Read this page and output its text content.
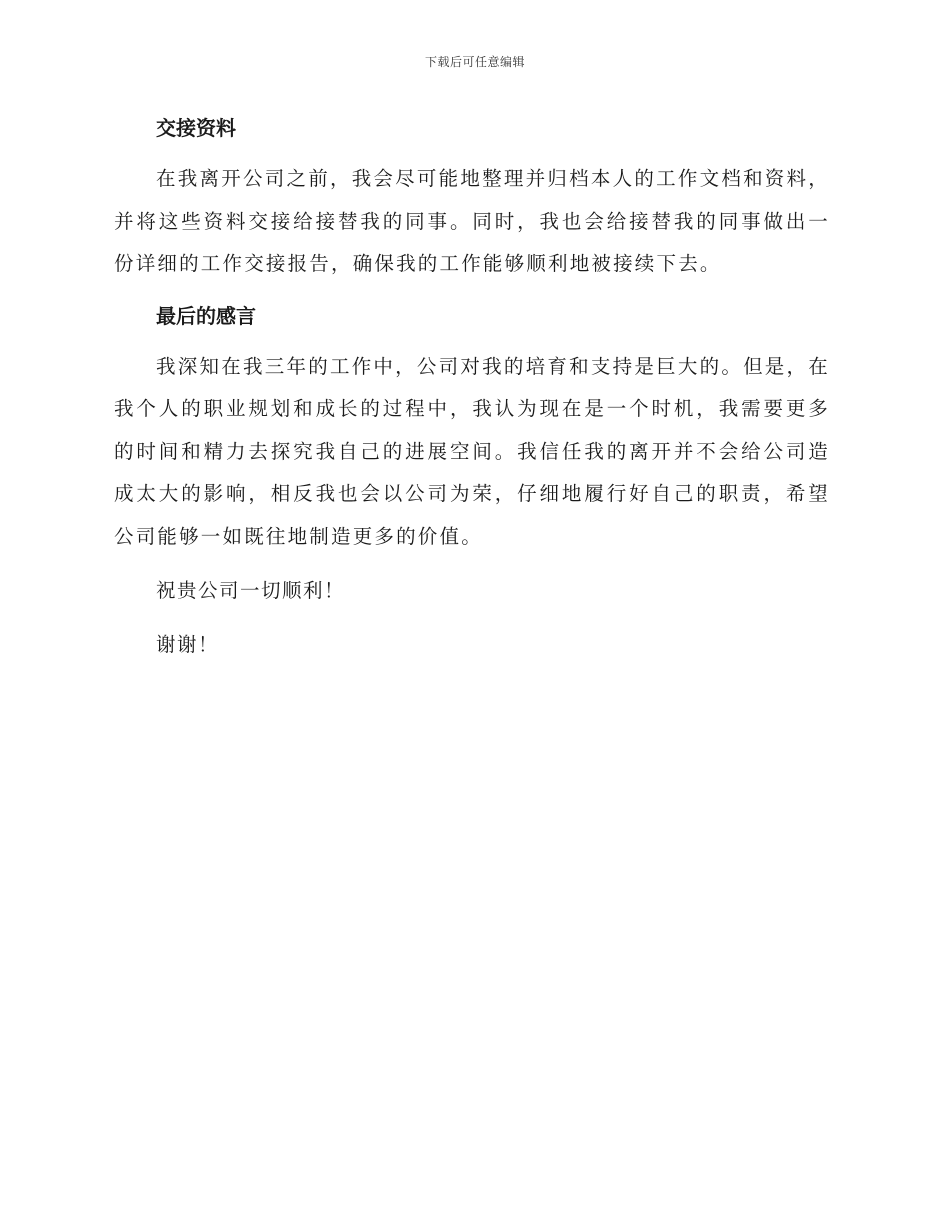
下载后可任意编辑
交接资料

在我离开公司之前，我会尽可能地整理并归档本人的工作文档和资料，并将这些资料交接给接替我的同事。同时，我也会给接替我的同事做出一份详细的工作交接报告，确保我的工作能够顺利地被接续下去。

最后的感言

我深知在我三年的工作中，公司对我的培育和支持是巨大的。但是，在我个人的职业规划和成长的过程中，我认为现在是一个时机，我需要更多的时间和精力去探究我自己的进展空间。我信任我的离开并不会给公司造成太大的影响，相反我也会以公司为荣，仔细地履行好自己的职责，希望公司能够一如既往地制造更多的价值。

祝贵公司一切顺利！

谢谢！
